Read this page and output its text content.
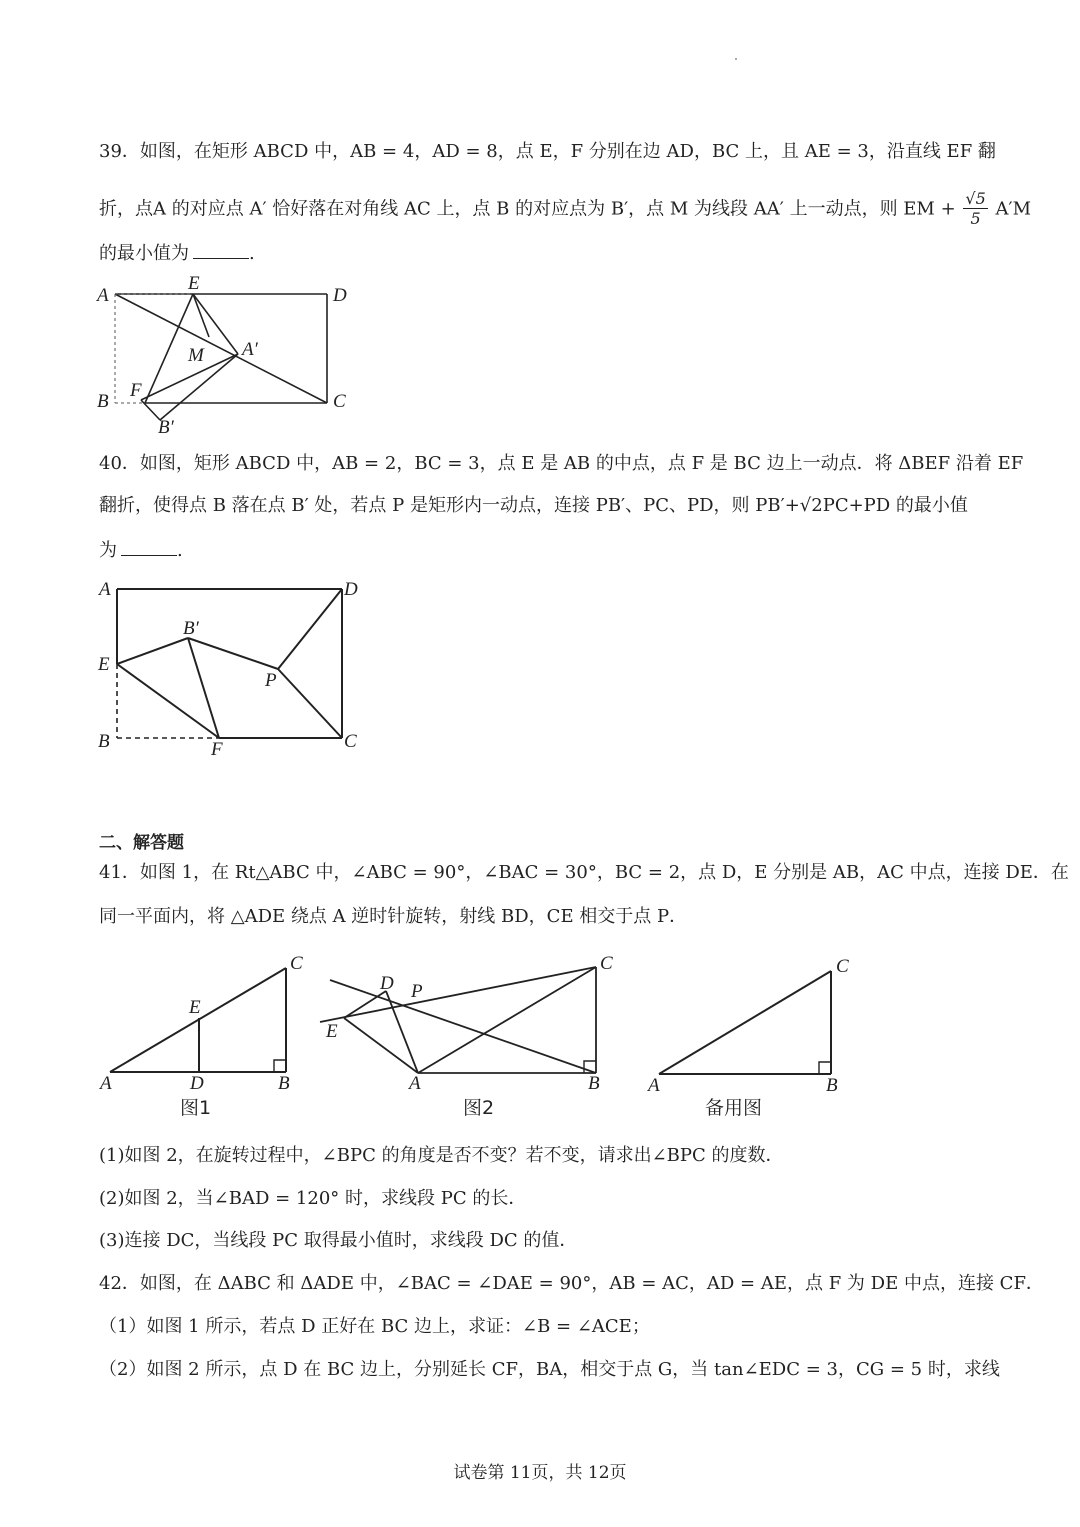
39．如图，在矩形 ABCD 中，AB = 4，AD = 8，点 E，F 分别在边 AD，BC 上，且 AE = 3，沿直线 EF 翻
折，点A 的对应点 A′ 恰好落在对角线 AC 上，点 B 的对应点为 B′，点 M 为线段 AA′ 上一动点，则 EM + $\frac{√5}{5} A'M$
的最小值为	.
A
E
D
M A′
B
F
C
B′
40．如图，矩形 ABCD 中，AB = 2，BC = 3，点 E 是 AB 的中点，点 F 是 BC 边上一动点．将 ΔBEF 沿着 EF
翻折，使得点 B 落在点 B′ 处，若点 P 是矩形内一动点，连接 PB′、PC、PD，则 PB′+√2PC+PD 的最小值
为	.
A	D
B′
E
P
B	F	C
二、解答题
41．如图 1，在 Rt△ABC 中，∠ABC = 90°，∠BAC = 30°，BC = 2，点 D，E 分别是 AB，AC 中点，连接 DE．在
同一平面内，将 △ADE 绕点 A 逆时针旋转，射线 BD，CE 相交于点 P．
A	D	B
E
C
图1
D P
E
A	B
C
图2
A	B
C
备用图
(1)如图 2，在旋转过程中，∠BPC 的角度是否不变？若不变，请求出∠BPC 的度数．
(2)如图 2，当∠BAD = 120° 时，求线段 PC 的长．
(3)连接 DC，当线段 PC 取得最小值时，求线段 DC 的值．
42．如图，在 ΔABC 和 ΔADE 中，∠BAC = ∠DAE = 90°，AB = AC，AD = AE，点 F 为 DE 中点，连接 CF．
（1）如图 1 所示，若点 D 正好在 BC 边上，求证：∠B = ∠ACE；
（2）如图 2 所示，点 D 在 BC 边上，分别延长 CF，BA，相交于点 G，当 tan∠EDC = 3，CG = 5 时，求线
试卷第 11页，共 12页
